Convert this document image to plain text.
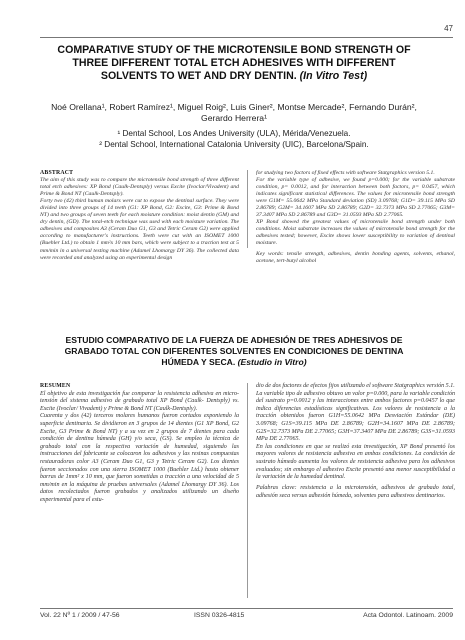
47
COMPARATIVE STUDY OF THE MICROTENSILE BOND STRENGTH OF THREE DIFFERENT TOTAL ETCH ADHESIVES WITH DIFFERENT SOLVENTS TO WET AND DRY DENTIN. (In Vitro Test)
Noé Orellana¹, Robert Ramírez¹, Miguel Roig², Luis Giner², Montse Mercade², Fernando Durán², Gerardo Herrera¹
¹ Dental School, Los Andes University (ULA), Mérida/Venezuela.
² Dental School, International Catalonia University (UIC), Barcelona/Spain.

ABSTRACT

The aim of this study was to compare the microtensile bond strength of three different total etch adhesives: XP Bond (Caulk-Dentsply) versus Excite (Ivoclar/Vivadent) and Prime & Bond NT (Caulk-Dentsply).

Forty two (42) third human molars were cut to expose the dentinal surface. They were divided into three groups of 14 teeth (G1: XP Bond, G2: Excite, G3: Prime & Bond NT) and two groups of seven teeth for each moisture condition: moist dentin (GM) and dry dentin, (GD). The total-etch technique was used with each moisture variation. The adhesives and composites A3 (Ceram Duo G1, G3 and Tetric Ceram G2) were applied according to manufacturer's instructions. Teeth were cut with an ISOMET 1000 (Buehler Ltd.) to obtain 1 mm²x 10 mm bars, which were subject to a traction test at 5 mm/min in a universal testing machine (Adamel Lhomargy DY 36). The collected data were recorded and analyzed using an experimental design

for studying two factors of fixed effects with software Statgraphics version 5.1.

For the variable type of adhesive, we found p=0.000; for the variable substrate condition, p= 0.0012, and for interaction between both factors, p= 0.0457, which indicates significant statistical differences. The values for microtensile bond strength were G1M= 55.0642 MPa Standard deviation (SD) 3.09768; G1D= 39.115 MPa SD 2.86789; G2M= 34.1607 MPa SD 2.86789; G2D= 32.7373 MPa SD 2.77065; G3M= 37.3407 MPa SD 2.86789 and G3D= 31.0593 MPa SD 2.77065.

XP Bond showed the greatest values of microtensile bond strength under both conditions. Moist substrate increases the values of microtensile bond strength for the adhesives tested; however, Excite shows lower susceptibility to variation of dentinal moisture.

Key words: tensile strength, adhesives, dentin bonding agents, solvents, ethanol, acetone, tert-butyl alcohol

ESTUDIO COMPARATIVO DE LA FUERZA DE ADHESIÓN DE TRES ADHESIVOS DE GRABADO TOTAL CON DIFERENTES SOLVENTES EN CONDICIONES DE DENTINA HÚMEDA Y SECA. (Estudio in Vitro)

RESUMEN

El objetivo de esta investigación fue comparar la resistencia adhesiva en micro-tensión del sistema adhesivo de grabado total XP Bond (Caulk- Dentsply) vs. Excite (Ivoclar/ Vivadent) y Prime & Bond NT (Caulk-Dentsply).

Cuarenta y dos (42) terceros molares humanos fueron cortados exponiendo la superficie dentinaria. Se dividieron en 3 grupos de 14 dientes (G1 XP Bond, G2 Excite, G3 Prime & Bond NT) y a su vez en 2 grupos de 7 dientes para cada condición de dentina húmeda (GH) y/o seca, (GS). Se empleo la técnica de grabado total con la respectiva variación de humedad, siguiendo las instrucciones del fabricante se colocaron los adhesivos y las resinas compuestas restauradoras color A3 (Ceram Duo G1, G3 y Tetric Ceram G2). Los dientes fueron seccionados con una sierra ISOMET 1000 (Buehler Ltd.) hasta obtener barras de 1mm² x 10 mm, que fueron sometidas a tracción a una velocidad de 5 mm/min en la máquina de pruebas universales (Adamel Lhomargy DY 36). Los datos recolectados fueron grabados y analizados utilizando un diseño experimental para el estu-

dio de dos factores de efectos fijos utilizando el software Statgraphics versión 5.1.

La variable tipo de adhesivo obtuvo un valor p=0.000, para la variable condición del sustrato p=0.0012 y las interacciones entre ambos factores p=0.0457 lo que indica diferencias estadísticas significativas. Los valores de resistencia a la tracción obtenidos fueron G1H=55.0642 MPa Desviación Estándar (DE) 3.09768; G1S=39.115 MPa DE 2.86789; G2H=34.1607 MPa DE 2.86789; G2S=32.7373 MPa DE 2.77065; G3H=37.3407 MPa DE 2.86789; G3S=31.0593 MPa DE 2.77065.

En las condiciones en que se realizó esta investigación, XP Bond presentó los mayores valores de resistencia adhesiva en ambas condiciones. La condición de sustrato húmedo aumenta los valores de resistencia adhesiva para los adhesivos evaluados; sin embargo el adhesivo Excite presentó una menor susceptibilidad a la variación de la humedad dentinal.

Palabras clave: resistencia a la microtensión, adhesivos de grabado total, adhesión seca versus adhesión húmeda, solventes para adhesivos dentinarios.

Vol. 22 Nº 1 / 2009 / 47-56	ISSN 0326-4815	Acta Odontol. Latinoam. 2009
